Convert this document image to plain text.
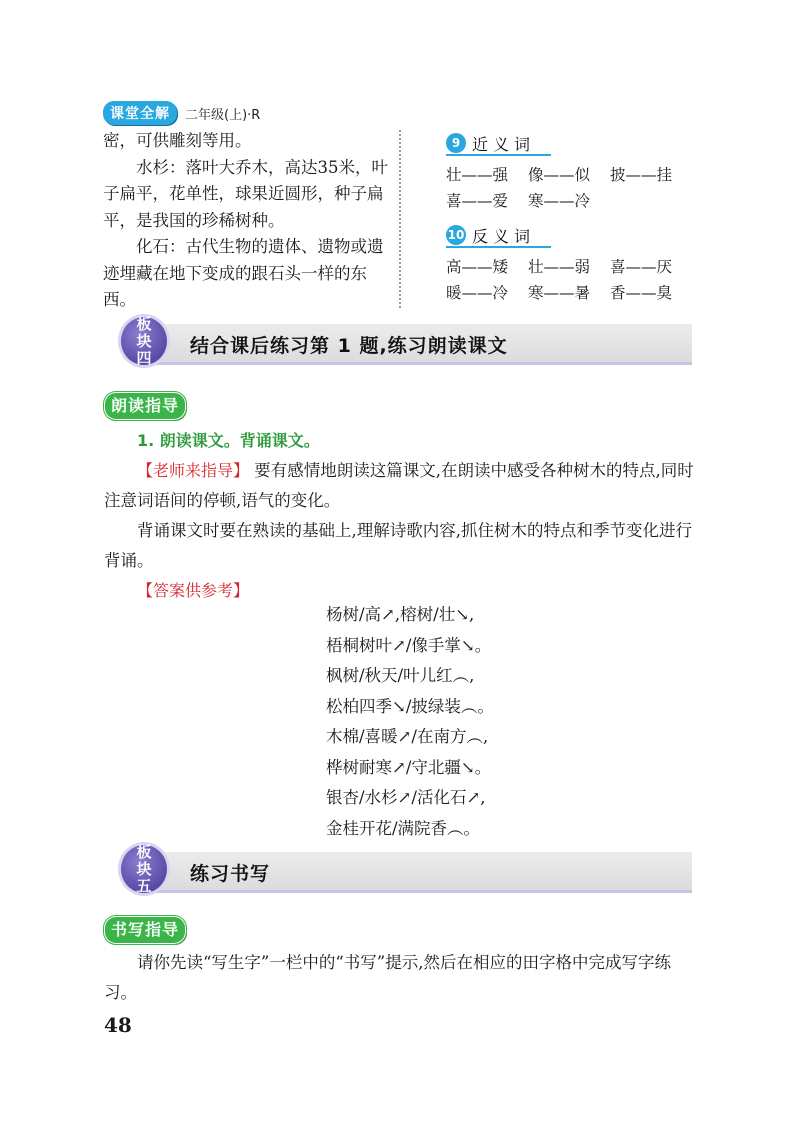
课堂全解	二年级(上)·R

密，可供雕刻等用。

水杉：落叶大乔木，高达35米，叶子扁平，花单性，球果近圆形，种子扁平，是我国的珍稀树种。

化石：古代生物的遗体、遗物或遗迹埋藏在地下变成的跟石头一样的东西。

9 近义词
壮——强 像——似 披——挂
喜——爱 寒——冷
10 反义词
高——矮 壮——弱 喜——厌
暖——冷 寒——暑 香——臭
结合课后练习第 1 题,练习朗读课文
板
块
四
朗读指导

1. 朗读课文。背诵课文。

【老师来指导】 要有感情地朗读这篇课文,在朗读中感受各种树木的特点,同时注意词语间的停顿,语气的变化。

背诵课文时要在熟读的基础上,理解诗歌内容,抓住树木的特点和季节变化进行背诵。

【答案供参考】

杨树/高↗,榕树/壮↘,
梧桐树叶↗/像手掌↘。
枫树/秋天/叶儿红︵,
松柏四季↘/披绿装︵。
木棉/喜暖↗/在南方︵,
桦树耐寒↗/守北疆↘。
银杏/水杉↗/活化石↗,
金桂开花/满院香︵。
练习书写
板
块
五
书写指导

请你先读“写生字”一栏中的“书写”提示,然后在相应的田字格中完成写字练习。

48
